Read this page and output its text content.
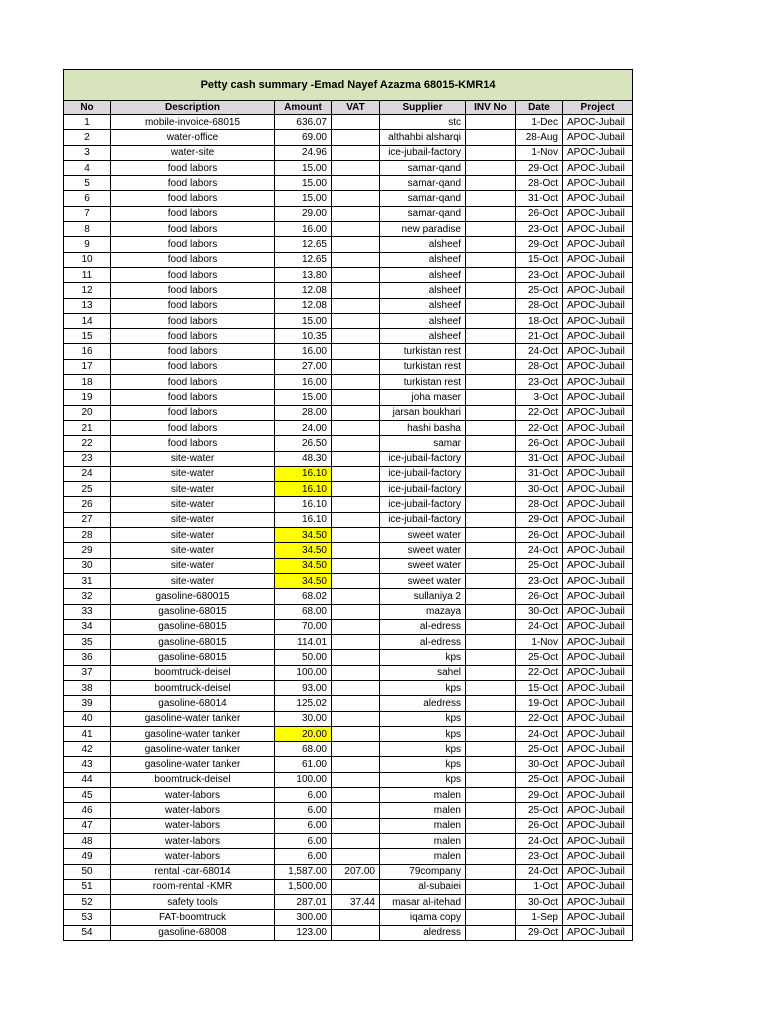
Petty cash summary -Emad Nayef Azazma 68015-KMR14							
No	Description	Amount	VAT	Supplier	INV No	Date	Project
1	mobile-invoice-68015	636.07		stc		1-Dec	APOC-Jubail
2	water-office	69.00		althahbi alsharqi		28-Aug	APOC-Jubail
3	water-site	24.96		ice-jubail-factory		1-Nov	APOC-Jubail
4	food labors	15.00		samar-qand		29-Oct	APOC-Jubail
5	food labors	15.00		samar-qand		28-Oct	APOC-Jubail
6	food labors	15.00		samar-qand		31-Oct	APOC-Jubail
7	food labors	29.00		samar-qand		26-Oct	APOC-Jubail
8	food labors	16.00		new paradise		23-Oct	APOC-Jubail
9	food labors	12.65		alsheef		29-Oct	APOC-Jubail
10	food labors	12.65		alsheef		15-Oct	APOC-Jubail
11	food labors	13.80		alsheef		23-Oct	APOC-Jubail
12	food labors	12.08		alsheef		25-Oct	APOC-Jubail
13	food labors	12.08		alsheef		28-Oct	APOC-Jubail
14	food labors	15.00		alsheef		18-Oct	APOC-Jubail
15	food labors	10.35		alsheef		21-Oct	APOC-Jubail
16	food labors	16.00		turkistan rest		24-Oct	APOC-Jubail
17	food labors	27.00		turkistan rest		28-Oct	APOC-Jubail
18	food labors	16.00		turkistan rest		23-Oct	APOC-Jubail
19	food labors	15.00		joha maser		3-Oct	APOC-Jubail
20	food labors	28.00		jarsan boukhari		22-Oct	APOC-Jubail
21	food labors	24.00		hashi basha		22-Oct	APOC-Jubail
22	food labors	26.50		samar		26-Oct	APOC-Jubail
23	site-water	48.30		ice-jubail-factory		31-Oct	APOC-Jubail
24	site-water	16.10		ice-jubail-factory		31-Oct	APOC-Jubail
25	site-water	16.10		ice-jubail-factory		30-Oct	APOC-Jubail
26	site-water	16.10		ice-jubail-factory		28-Oct	APOC-Jubail
27	site-water	16.10		ice-jubail-factory		29-Oct	APOC-Jubail
28	site-water	34.50		sweet water		26-Oct	APOC-Jubail
29	site-water	34.50		sweet water		24-Oct	APOC-Jubail
30	site-water	34.50		sweet water		25-Oct	APOC-Jubail
31	site-water	34.50		sweet water		23-Oct	APOC-Jubail
32	gasoline-680015	68.02		sullaniya 2		26-Oct	APOC-Jubail
33	gasoline-68015	68.00		mazaya		30-Oct	APOC-Jubail
34	gasoline-68015	70.00		al-edress		24-Oct	APOC-Jubail
35	gasoline-68015	114.01		al-edress		1-Nov	APOC-Jubail
36	gasoline-68015	50.00		kps		25-Oct	APOC-Jubail
37	boomtruck-deisel	100.00		sahel		22-Oct	APOC-Jubail
38	boomtruck-deisel	93.00		kps		15-Oct	APOC-Jubail
39	gasoline-68014	125.02		aledress		19-Oct	APOC-Jubail
40	gasoline-water tanker	30.00		kps		22-Oct	APOC-Jubail
41	gasoline-water tanker	20.00		kps		24-Oct	APOC-Jubail
42	gasoline-water tanker	68.00		kps		25-Oct	APOC-Jubail
43	gasoline-water tanker	61.00		kps		30-Oct	APOC-Jubail
44	boomtruck-deisel	100.00		kps		25-Oct	APOC-Jubail
45	water-labors	6.00		malen		29-Oct	APOC-Jubail
46	water-labors	6.00		malen		25-Oct	APOC-Jubail
47	water-labors	6.00		malen		26-Oct	APOC-Jubail
48	water-labors	6.00		malen		24-Oct	APOC-Jubail
49	water-labors	6.00		malen		23-Oct	APOC-Jubail
50	rental -car-68014	1,587.00	207.00	79company		24-Oct	APOC-Jubail
51	room-rental -KMR	1,500.00		al-subaiei		1-Oct	APOC-Jubail
52	safety tools	287.01	37.44	masar al-itehad		30-Oct	APOC-Jubail
53	FAT-boomtruck	300.00		iqama copy		1-Sep	APOC-Jubail
54	gasoline-68008	123.00		aledress		29-Oct	APOC-Jubail
